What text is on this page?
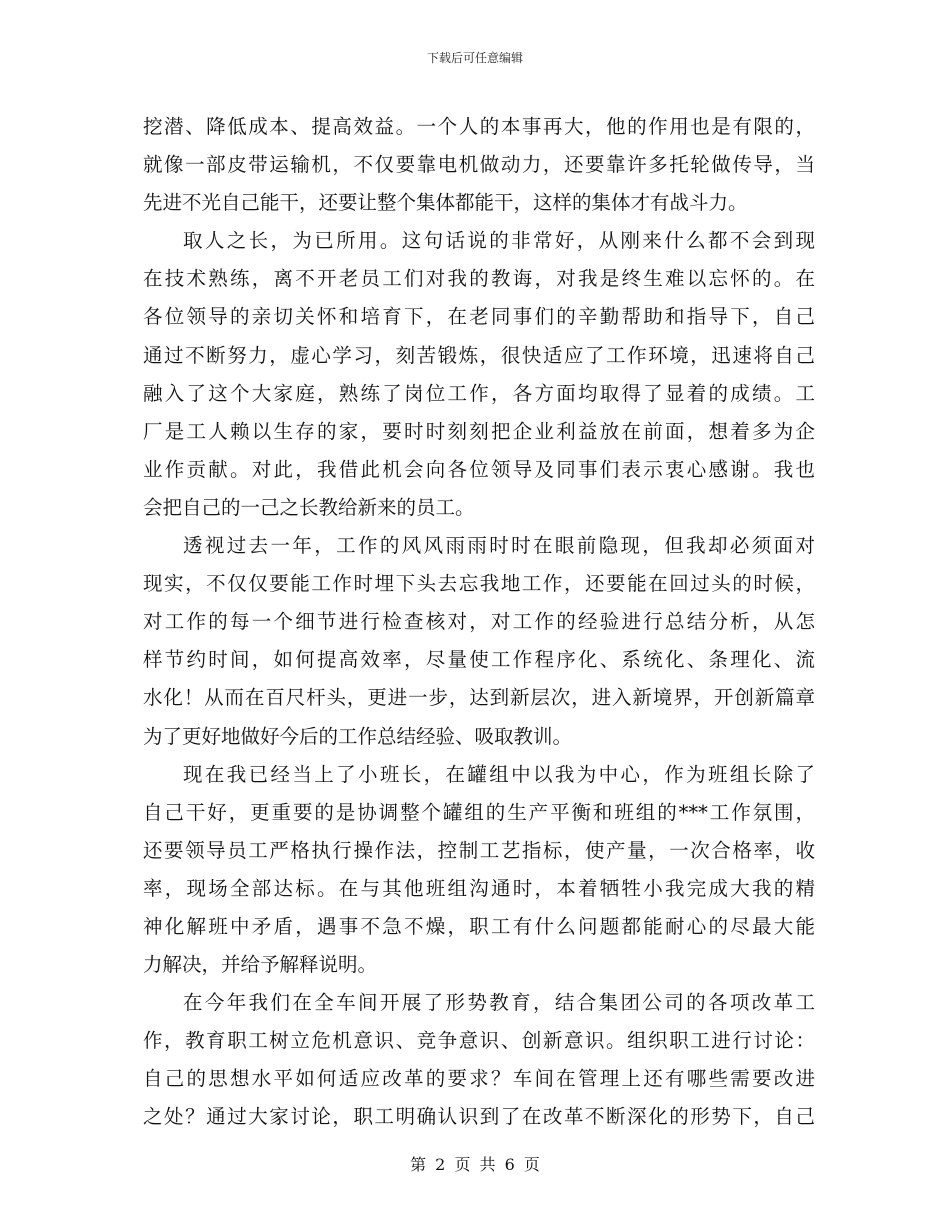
下载后可任意编辑
挖潜、降低成本、提高效益。一个人的本事再大，他的作用也是有限的，
就像一部皮带运输机，不仅要靠电机做动力，还要靠许多托轮做传导，当
先进不光自己能干，还要让整个集体都能干，这样的集体才有战斗力。
取人之长，为已所用。这句话说的非常好，从刚来什么都不会到现
在技术熟练，离不开老员工们对我的教诲，对我是终生难以忘怀的。在
各位领导的亲切关怀和培育下，在老同事们的辛勤帮助和指导下，自己
通过不断努力，虚心学习，刻苦锻炼，很快适应了工作环境，迅速将自己
融入了这个大家庭，熟练了岗位工作，各方面均取得了显着的成绩。工
厂是工人赖以生存的家，要时时刻刻把企业利益放在前面，想着多为企
业作贡献。对此，我借此机会向各位领导及同事们表示衷心感谢。我也
会把自己的一己之长教给新来的员工。
透视过去一年，工作的风风雨雨时时在眼前隐现，但我却必须面对
现实，不仅仅要能工作时埋下头去忘我地工作，还要能在回过头的时候，
对工作的每一个细节进行检查核对，对工作的经验进行总结分析，从怎
样节约时间，如何提高效率，尽量使工作程序化、系统化、条理化、流
水化！从而在百尺杆头，更进一步，达到新层次，进入新境界，开创新篇章
为了更好地做好今后的工作总结经验、吸取教训。
现在我已经当上了小班长，在罐组中以我为中心，作为班组长除了
自己干好，更重要的是协调整个罐组的生产平衡和班组的***工作氛围，
还要领导员工严格执行操作法，控制工艺指标，使产量，一次合格率，收
率，现场全部达标。在与其他班组沟通时，本着牺牲小我完成大我的精
神化解班中矛盾，遇事不急不燥，职工有什么问题都能耐心的尽最大能
力解决，并给予解释说明。
在今年我们在全车间开展了形势教育，结合集团公司的各项改革工
作，教育职工树立危机意识、竞争意识、创新意识。组织职工进行讨论：
自己的思想水平如何适应改革的要求？车间在管理上还有哪些需要改进
之处？通过大家讨论，职工明确认识到了在改革不断深化的形势下，自己
第 2 页 共 6 页
